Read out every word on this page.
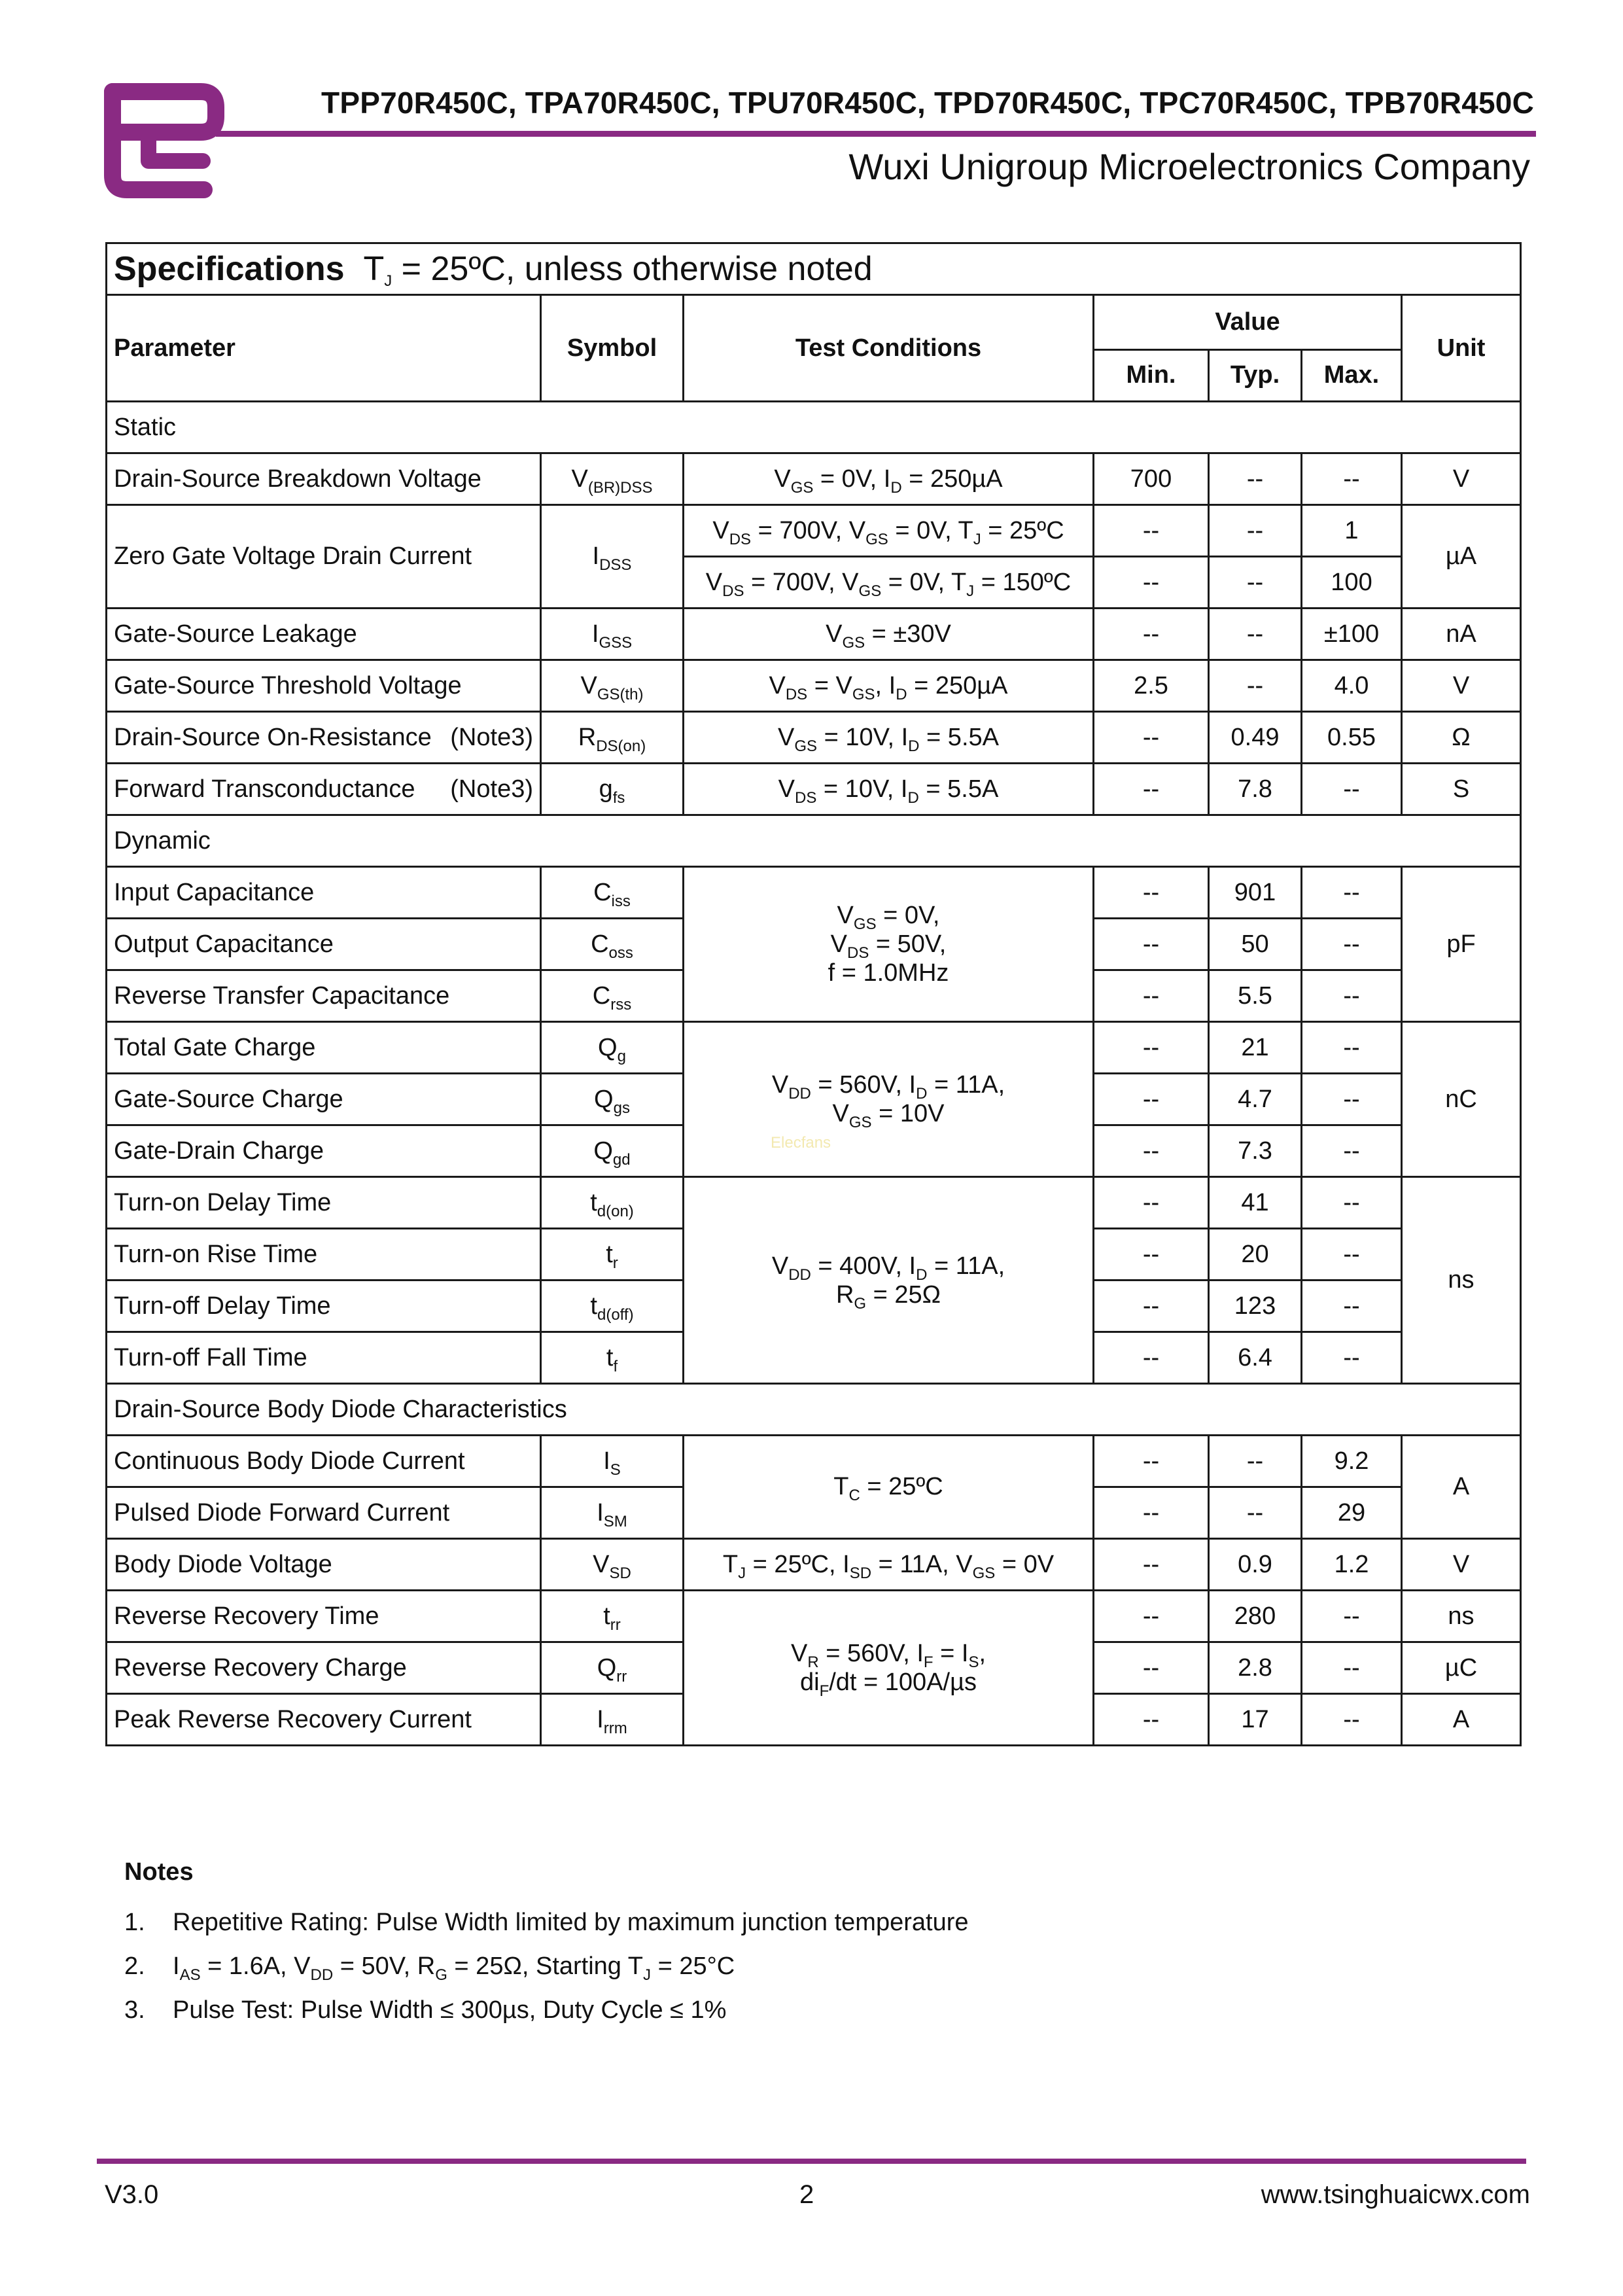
TPP70R450C, TPA70R450C, TPU70R450C, TPD70R450C, TPC70R450C, TPB70R450C
Wuxi Unigroup Microelectronics Company
Specifications  $T_J$ = 25ºC, unless otherwise noted						
Parameter	Symbol	Test Conditions	Value			Unit
			Min.	Typ.	Max.	
Static						
Drain-Source Breakdown Voltage	$V_{(BR)DSS}$	$V_{GS} = 0V$, $I_D = 250\mu A$	700	--	--	V
Zero Gate Voltage Drain Current	$I_{DSS}$	$V_{DS} = 700V$, $V_{GS} = 0V$, $T_J$ = 25ºC	--	--	1	µA
		$V_{DS} = 700V$, $V_{GS} = 0V$, $T_J$ = 150ºC	--	--	100	
Gate-Source Leakage	$I_{GSS}$	$V_{GS} = \pm 30V$	--	--	±100	nA
Gate-Source Threshold Voltage	$V_{GS(th)}$	$V_{DS} = V_{GS}$, $I_D = 250\mu A$	2.5	--	4.0	V
Drain-Source On-Resistance (Note3)	$R_{DS(on)}$	$V_{GS} = 10V$, $I_D = 5.5A$	--	0.49	0.55	Ω
Forward Transconductance (Note3)	$g_{fs}$	$V_{DS} = 10V$, $I_D = 5.5A$	--	7.8	--	S
Dynamic						
Input Capacitance	$C_{iss}$	$V_{GS} = 0V$,
$V_{DS} = 50V$,
f = 1.0MHz	--	901	--	pF
Output Capacitance	$C_{oss}$		--	50	--	
Reverse Transfer Capacitance	$C_{rss}$		--	5.5	--	
Total Gate Charge	$Q_g$	$V_{DD} = 560V$, $I_D = 11A$,
$V_{GS} = 10V$	--	21	--	nC
Gate-Source Charge	$Q_{gs}$		--	4.7	--	
Gate-Drain Charge	$Q_{gd}$		--	7.3	--	
Turn-on Delay Time	$t_{d(on)}$	$V_{DD} = 400V$, $I_D = 11A$,
$R_G = 25\Omega$	--	41	--	ns
Turn-on Rise Time	$t_r$		--	20	--	
Turn-off Delay Time	$t_{d(off)}$		--	123	--	
Turn-off Fall Time	$t_f$		--	6.4	--	
Drain-Source Body Diode Characteristics						
Continuous Body Diode Current	$I_S$	$T_C$ = 25ºC	--	--	9.2	A
Pulsed Diode Forward Current	$I_{SM}$		--	--	29	
Body Diode Voltage	$V_{SD}$	$T_J$ = 25ºC, $I_{SD} = 11A$, $V_{GS} = 0V$	--	0.9	1.2	V
Reverse Recovery Time	$t_{rr}$	$V_R = 560V$, $I_F = I_S$,
$di_F/dt = 100A/\mu s$	--	280	--	ns
Reverse Recovery Charge	$Q_{rr}$		--	2.8	--	µC
Peak Reverse Recovery Current	$I_{rrm}$		--	17	--	A
Elecfans
Notes
1.	Repetitive Rating: Pulse Width limited by maximum junction temperature
2.	$I_{AS} = 1.6A$, $V_{DD} = 50V$, $R_G = 25\Omega$, Starting $T_J = 25^\circ C$
3.	Pulse Test: Pulse Width ≤ 300µs, Duty Cycle ≤ 1%
V3.0	2	www.tsinghuaicwx.com
